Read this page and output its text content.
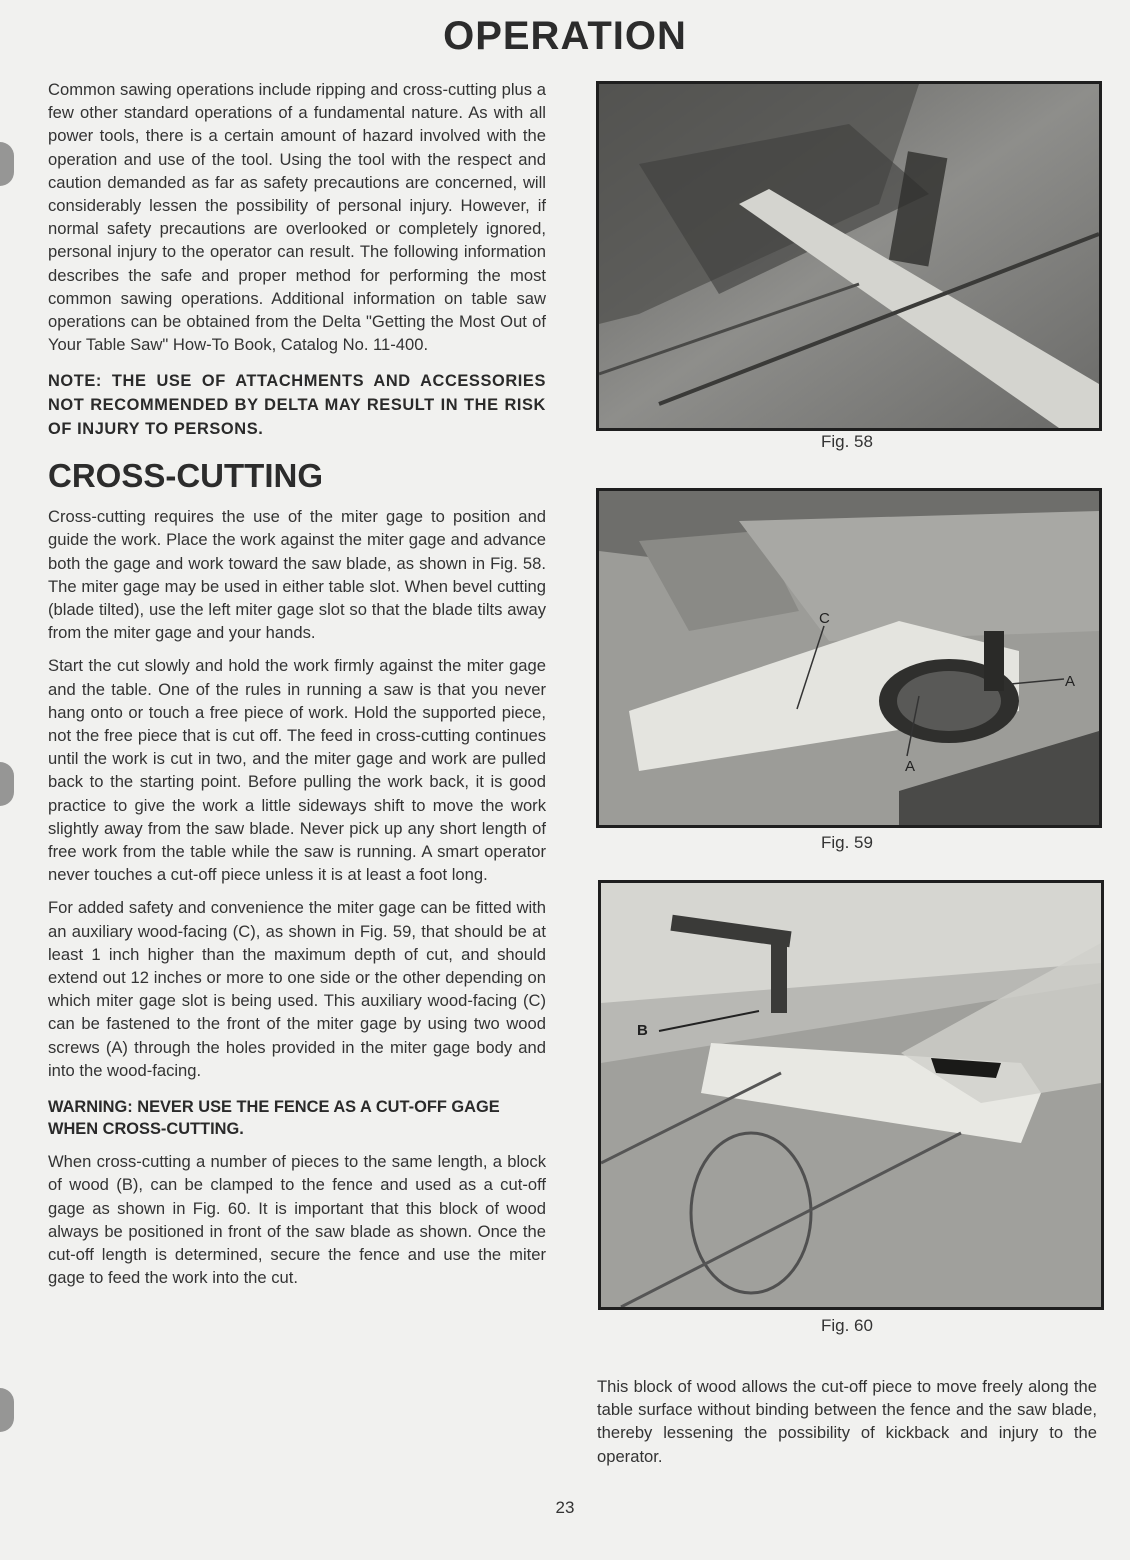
OPERATION

Common sawing operations include ripping and cross-cutting plus a few other standard operations of a fundamental nature. As with all power tools, there is a certain amount of hazard involved with the operation and use of the tool. Using the tool with the respect and caution demanded as far as safety precautions are concerned, will considerably lessen the possibility of personal injury. However, if normal safety precautions are overlooked or completely ignored, personal injury to the operator can result. The following information describes the safe and proper method for performing the most common sawing operations. Additional information on table saw operations can be obtained from the Delta "Getting the Most Out of Your Table Saw" How-To Book, Catalog No. 11-400.

NOTE: THE USE OF ATTACHMENTS AND ACCESSORIES NOT RECOMMENDED BY DELTA MAY RESULT IN THE RISK OF INJURY TO PERSONS.

CROSS-CUTTING

Cross-cutting requires the use of the miter gage to position and guide the work. Place the work against the miter gage and advance both the gage and work toward the saw blade, as shown in Fig. 58. The miter gage may be used in either table slot. When bevel cutting (blade tilted), use the left miter gage slot so that the blade tilts away from the miter gage and your hands.

Start the cut slowly and hold the work firmly against the miter gage and the table. One of the rules in running a saw is that you never hang onto or touch a free piece of work. Hold the supported piece, not the free piece that is cut off. The feed in cross-cutting continues until the work is cut in two, and the miter gage and work are pulled back to the starting point. Before pulling the work back, it is good practice to give the work a little sideways shift to move the work slightly away from the saw blade. Never pick up any short length of free work from the table while the saw is running. A smart operator never touches a cut-off piece unless it is at least a foot long.

For added safety and convenience the miter gage can be fitted with an auxiliary wood-facing (C), as shown in Fig. 59, that should be at least 1 inch higher than the maximum depth of cut, and should extend out 12 inches or more to one side or the other depending on which miter gage slot is being used. This auxiliary wood-facing (C) can be fastened to the front of the miter gage by using two wood screws (A) through the holes provided in the miter gage body and into the wood-facing.

WARNING: NEVER USE THE FENCE AS A CUT-OFF GAGE WHEN CROSS-CUTTING.

When cross-cutting a number of pieces to the same length, a block of wood (B), can be clamped to the fence and used as a cut-off gage as shown in Fig. 60. It is important that this block of wood always be positioned in front of the saw blade as shown. Once the cut-off length is determined, secure the fence and use the miter gage to feed the work into the cut.

Fig. 58
C
A
A
Fig. 59
B
Fig. 60

This block of wood allows the cut-off piece to move freely along the table surface without binding between the fence and the saw blade, thereby lessening the possibility of kickback and injury to the operator.

23
